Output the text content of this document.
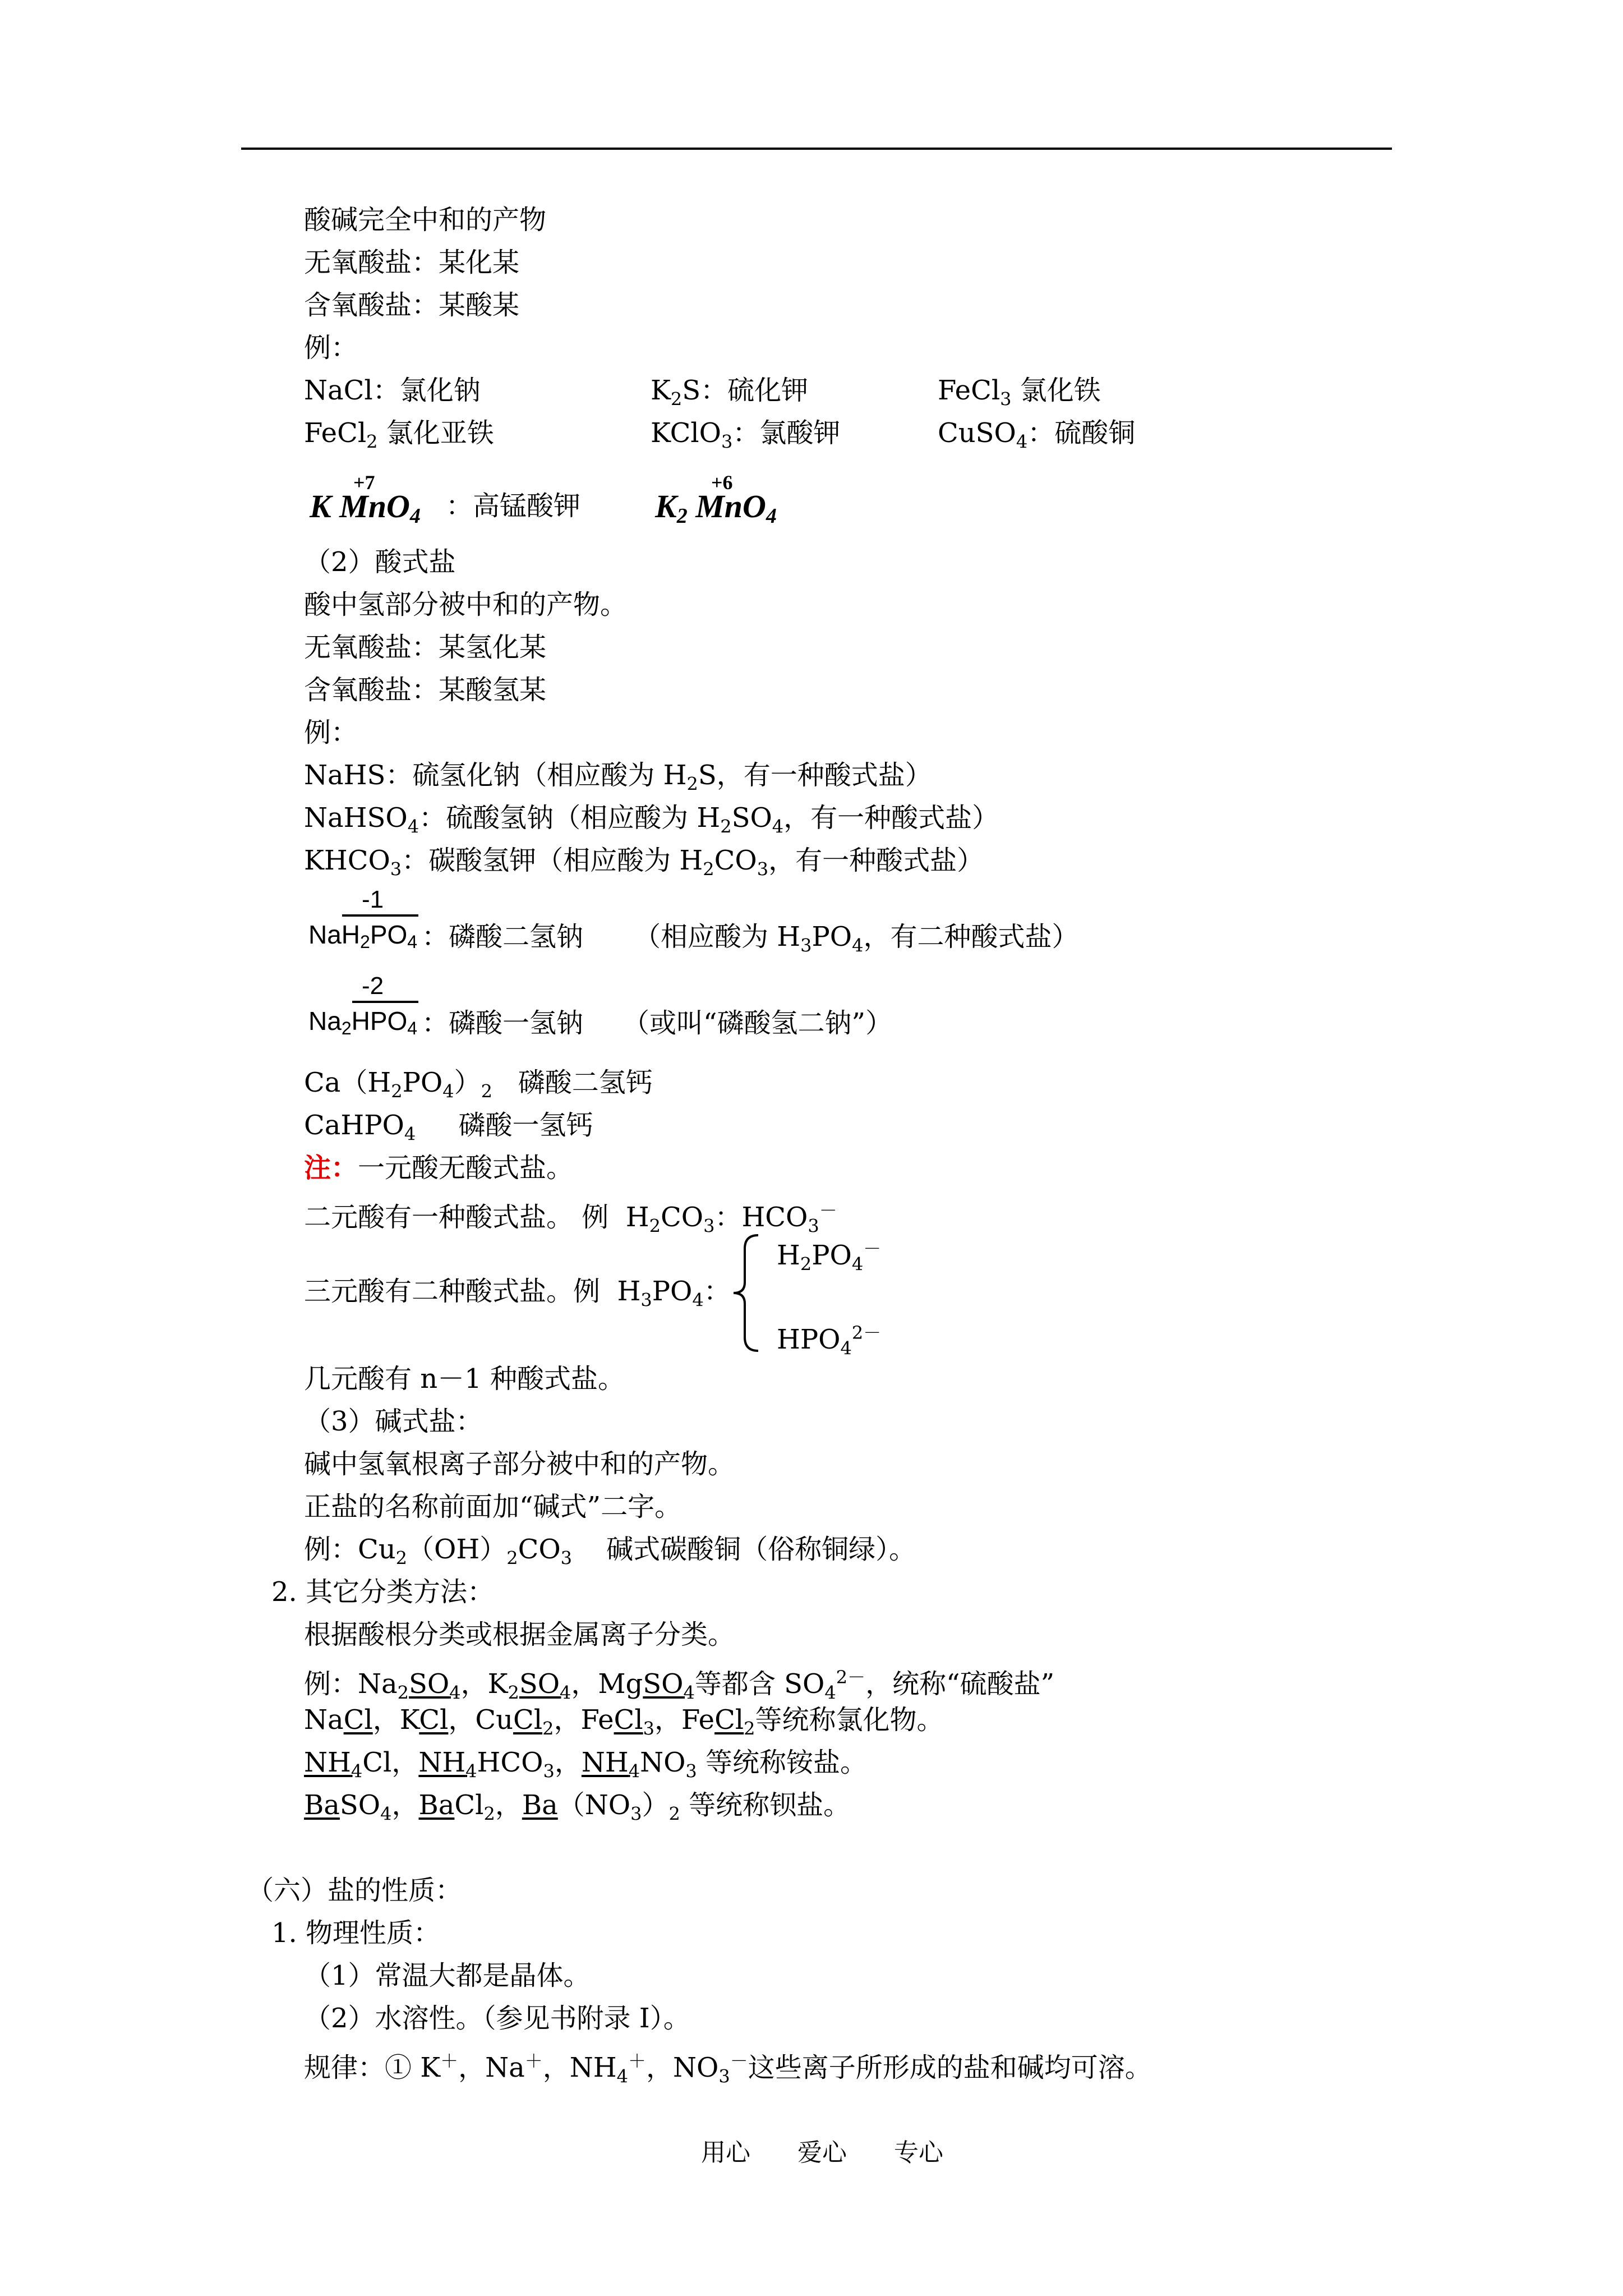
酸碱完全中和的产物
无氧酸盐：某化某
含氧酸盐：某酸某
例：
NaCl：氯化钠	$K_2S$：硫化钾	FeCl$_3$ 氯化铁
FeCl$_2$ 氯化亚铁	KClO$_3$：氯酸钾	CuSO$_4$：硫酸铜
+7
K MnO4 ：高锰酸钾
+6
K2 MnO4
（2）酸式盐
酸中氢部分被中和的产物。
无氧酸盐：某氢化某
含氧酸盐：某酸氢某
例：
NaHS：硫氢化钠（相应酸为 $H_2S$，有一种酸式盐）
NaHSO$_4$：硫酸氢钠（相应酸为 $H_2SO_4$，有一种酸式盐）
$KHCO_3$：碳酸氢钾（相应酸为 $H_2CO_3$，有一种酸式盐）
-1
NaH2PO4 ：磷酸二氢钠 （相应酸为 $H_3PO_4$，有二种酸式盐）
-2
Na2HPO4 ：磷酸一氢钠 （或叫“磷酸氢二钠”）
$Ca(H_2PO_4)_2$ 磷酸二氢钙
CaHPO$_4$ 磷酸一氢钙
注：一元酸无酸式盐。
二元酸有一种酸式盐。 例  $H_2CO_3$：$HCO_3^-$
三元酸有二种酸式盐。例  $H_3PO_4$：
$H_2PO_4^-$
$HPO_4^{2-}$
几元酸有 n－1 种酸式盐。
（3）碱式盐：
碱中氢氧根离子部分被中和的产物。
正盐的名称前面加“碱式”二字。
例：$Cu_2(OH)_2CO_3$ 碱式碳酸铜（俗称铜绿）。
2. 其它分类方法：
根据酸根分类或根据金属离子分类。
例：$Na_2SO_4$，$K_2SO_4$，MgSO$_4$等都含 $SO_4^{2-}$，统称“硫酸盐”
NaCl，KCl，CuCl$_2$，FeCl$_3$，FeCl$_2$等统称氯化物。
$NH_4Cl$，$NH_4HCO_3$，$NH_4NO_3$ 等统称铵盐。
BaSO$_4$，BaCl$_2$，$Ba(NO_3)_2$ 等统称钡盐。
（六）盐的性质：
1. 物理性质：
（1）常温大都是晶体。
（2）水溶性。（参见书附录 I）。
规律：① K＋，Na＋，$NH_4^+$，$NO_3^-$这些离子所形成的盐和碱均可溶。
用心 爱心 专心
